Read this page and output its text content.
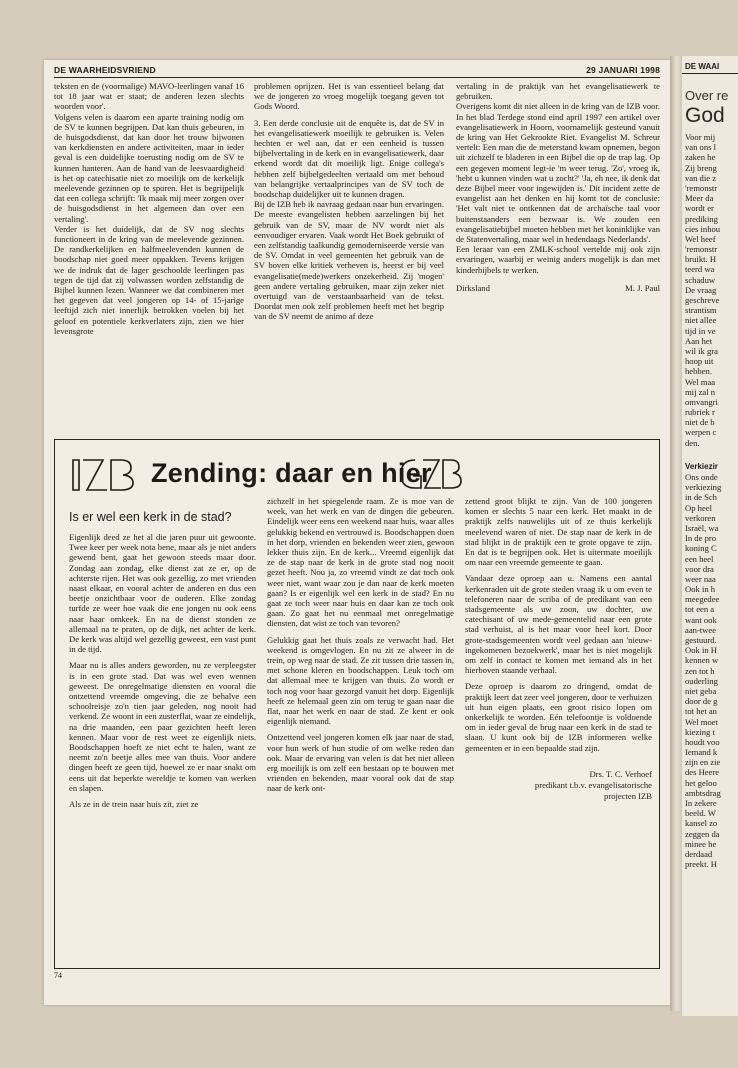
DE WAARHEIDSVRIEND	29 JANUARI 1998

teksten en de (voormalige) MAVO-leerlingen vanaf 16 tot 18 jaar wat er staat; de anderen lezen slechts woorden voor'.

Volgens velen is daarom een aparte training nodig om de SV te kunnen begrijpen. Dat kan thuis gebeuren, in de huisgodsdienst, dat kan door het trouw bijwonen van kerkdiensten en andere activiteiten, maar in ieder geval is een duidelijke toerusting nodig om de SV te kunnen hanteren. Aan de hand van de leesvaardigheid is het op catechisatie niet zo moeilijk om de kerkelijk meelevende gezinnen op te sporen. Het is begrijpelijk dat een collega schrijft: 'Ik maak mij meer zorgen over de huisgodsdienst in het algemeen dan over een vertaling'.

Verder is het duidelijk, dat de SV nog slechts functioneert in de kring van de meelevende gezinnen. De randkerkelijken en halfmeelevenden kunnen de boodschap niet goed meer oppakken. Tevens krijgen we de indruk dat de lager geschoolde leerlingen pas tegen de tijd dat zij volwassen worden zelfstandig de Bijbel kunnen lezen. Wanneer we dat combineren met het gegeven dat veel jongeren op 14- of 15-jarige leeftijd zich niet innerlijk betrokken voelen bij het geloof en potentiele kerkverlaters zijn, zien we hier levensgrote

problemen oprijzen. Het is van essentieel belang dat we de jongeren zo vroeg mogelijk toegang geven tot Gods Woord.

3. Een derde conclusie uit de enquête is, dat de SV in het evangelisatiewerk moeilijk te gebruiken is. Velen hechten er wel aan, dat er een eenheid is tussen bijbelvertaling in de kerk en in evangelisatiewerk, daar erkend wordt dat dit moeilijk ligt. Enige collega's hebben zelf bijbelgedeelten vertaald om met behoud van belangrijke vertaalprincipes van de SV toch de boodschap duidelijker uit te kunnen dragen.

Bij de IZB heb ik navraag gedaan naar hun ervaringen. De meeste evangelisten hebben aarzelingen bij het gebruik van de SV, maar de NV wordt niet als eenvoudiger ervaren. Vaak wordt Het Boek gebruikt of een zelfstandig taalkundig gemoderniseerde versie van de SV. Omdat in veel gemeenten het gebruik van de SV boven elke kritiek verheven is, heerst er bij veel evangelisatie(mede)werkers onzekerheid. Zij 'mogen' geen andere vertaling gebruiken, maar zijn zeker niet overtuigd van de verstaanbaarheid van de tekst. Doordat men ook zelf problemen heeft met het begrip van de SV neemt de animo af deze

vertaling in de praktijk van het evangelisatiewerk te gebruiken.

Overigens komt dit niet alleen in de kring van de IZB voor. In het blad Terdege stond eind april 1997 een artikel over evangelisatiewerk in Hoorn, voornamelijk gesteund vanuit de kring van Het Gekrookte Riet. Evangelist M. Schreur vertelt: Een man die de meterstand kwam opnemen, begon uit zichzelf te bladeren in een Bijbel die op de trap lag. Op een gegeven moment legt-ie 'm weer terug. 'Zo', vroeg ik, 'hebt u kunnen vinden wat u zocht?' 'Ja, eh nee, ik denk dat deze Bijbel meer voor ingewijden is.' Dit incident zette de evangelist aan het denken en hij komt tot de conclusie: 'Het valt niet te ontkennen dat de archaïsche taal voor buitenstaanders een bezwaar is. We zouden een evangelisatiebijbel moeten hebben met het koninklijke van de Statenvertaling, maar wel in hedendaags Nederlands'.

Een leraar van een ZMLK-school vertelde mij ook zijn ervaringen, waarbij er weinig anders mogelijk is dan met kinderbijbels te werken.

Dirksland	M. J. Paul
Zending: daar en hier
Is er wel een kerk in de stad?

Eigenlijk deed ze het al die jaren puur uit gewoonte. Twee keer per week nota bene, maar als je niet anders gewend bent, gaat het gewoon steeds maar door. Zondag aan zondag, elke dienst zat ze er, op de achterste rijen. Het was ook gezellig, zo met vrienden naast elkaar, en vooral achter de anderen en dus een beetje onzichtbaar voor de ouderen. Elke zondag turfde ze weer hoe vaak die ene jongen nu ook eens naar haar omkeek. En na de dienst stonden ze allemaal na te praten, op de dijk, net achter de kerk. De kerk was altijd wel gezellig geweest, een vast punt in de tijd.

Maar nu is alles anders geworden, nu ze verpleegster is in een grote stad. Dat was wel even wennen geweest. De onregelmatige diensten en vooral die ontzettend vreemde omgeving, die ze behalve een schoolreisje zo'n tien jaar geleden, nog nooit had verkend. Ze woont in een zusterflat, waar ze eindelijk, na drie maanden, een paar gezichten heeft leren kennen. Maar voor de rest weet ze eigenlijk niets. Boodschappen hoeft ze niet echt te halen, want ze neemt zo'n beetje alles mee van thuis. Voor andere dingen heeft ze geen tijd, hoewel ze er naar snakt om eens uit dat beperkte wereldje te komen van werken en slapen.

Als ze in de trein naar huis zit, ziet ze

zichzelf in het spiegelende raam. Ze is moe van de week, van het werk en van de dingen die gebeuren. Eindelijk weer eens een weekend naar huis, waar alles gelukkig bekend en vertrouwd is. Boodschappen doen in het dorp, vrienden en bekenden weer zien, gewoon lekker thuis zijn. En de kerk... Vreemd eigenlijk dat ze de stap naar de kerk in de grote stad nog nooit gezet heeft. Nou ja, zo vreemd vindt ze dat toch ook weer niet, want waar zou je dan naar de kerk moeten gaan? Is er eigenlijk wel een kerk in de stad? En nu gaat ze toch weer naar huis en daar kan ze toch ook gaan. Zo gaat het nu eenmaal met onregelmatige diensten, dat wist ze toch van tevoren?

Gelukkig gaat het thuis zoals ze verwacht had. Het weekend is omgevlogen. En nu zit ze alweer in de trein, op weg naar de stad. Ze zit tussen drie tassen in, met schone kleren en boodschappen. Leuk toch om dat allemaal mee te krijgen van thuis. Zo wordt er toch nog voor haar gezorgd vanuit het dorp. Eigenlijk heeft ze helemaal geen zin om terug te gaan naar die flat, naar het werk en naar de stad. Ze kent er ook eigenlijk niemand.

Ontzettend veel jongeren komen elk jaar naar de stad, voor hun werk of hun studie of om welke reden dan ook. Maar de ervaring van velen is dat het niet alleen erg moeilijk is om zelf een bestaan op te bouwen met vrienden en bekenden, maar vooral ook dat de stap naar de kerk ont-

zettend groot blijkt te zijn. Van de 100 jongeren komen er slechts 5 naar een kerk. Het maakt in de praktijk zelfs nauwelijks uit of ze thuis kerkelijk meelevend waren of niet. De stap naar de kerk in de stad blijkt in de praktijk een te grote opgave te zijn. En dat is te begrijpen ook. Het is uitermate moeilijk om naar een vreemde gemeente te gaan.

Vandaar deze oproep aan u. Namens een aantal kerkenraden uit de grote steden vraag ik u om even te telefoneren naar de scriba of de predikant van een stadsgemeente als uw zoon, uw dochter, uw catechisant of uw mede-gemeentelid naar een grote stad verhuist, al is het maar voor heel kort. Door grote-stadsgemeenten wordt veel gedaan aan 'nieuw-ingekomenen bezoekwerk', maar het is niet mogelijk om zelf in contact te komen met iemand als in het hierboven staande verhaal.

Deze oproep is daarom zo dringend, omdat de praktijk leert dat zeer veel jongeren, door te verhuizen uit hun eigen plaats, een groot risico lopen om onkerkelijk te worden. Eén telefoontje is voldoende om in ieder geval de brug naar een kerk in de stad te slaan. U kunt ook bij de IZB informeren welke gemeenten er in een bepaalde stad zijn.

Drs. T. C. Verhoef
predikant t.b.v. evangelisatorische
projecten IZB
74
DE WAAI
Over re
God
Voor mij
van ons l
zaken he
Zij breng
van die z
'remonstr
Meer da
wordt er
prediking
cies inhou
Wel heef
'remonstr
bruikt. H
teerd wa
schaduw
De vraag
geschreve
strantism
niet allee
tijd in ve
Aan het
wil ik gra
hoop uit
hebben.
Wel maa
mij zal n
omvangri
rubriek r
niet de b
werpen c
den.
Verkiezir
Ons onde
verkiezing
in de Sch
Op heel
verkoren
Israël, wa
In de pro
koning C
een heel
voor dra
weer naa
Ook in h
meegedee
tot een a
want ook
aan-twee
gestuurd.
Ook in H
kennen w
zen tot h
ouderling
niet geba
door de g
tot het an
Wel moet
kiezing t
houdt voo
Iemand k
zijn en zie
des Heere
het geloo
ambtsdrag
In zekere
beeld. W
kansel zo
zeggen da
minee he
derdaad
preekt. H
